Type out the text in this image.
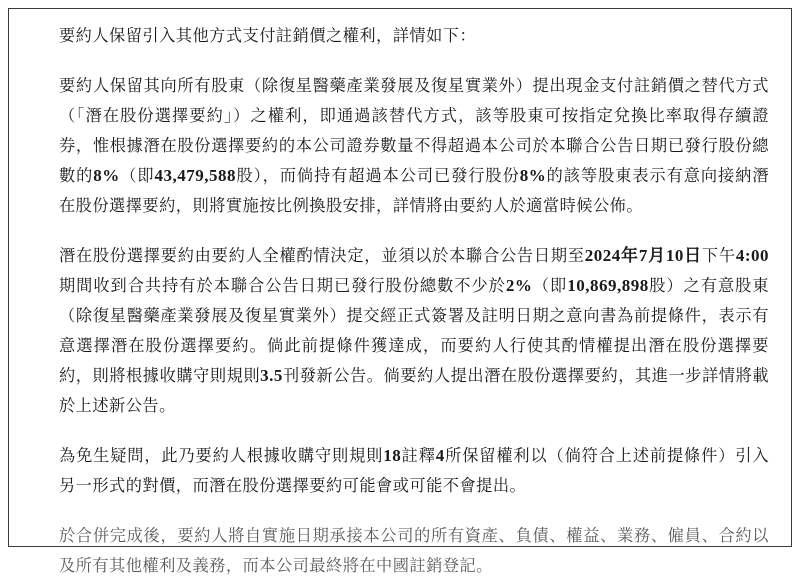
要約人保留引入其他方式支付註銷價之權利，詳情如下：

要約人保留其向所有股東（除復星醫藥產業發展及復星實業外）提出現金支付註銷價之替代方式（「潛在股份選擇要約」）之權利，即通過該替代方式，該等股東可按指定兌換比率取得存續證券，惟根據潛在股份選擇要約的本公司證券數量不得超過本公司於本聯合公告日期已發行股份總數的8%（即43,479,588股），而倘持有超過本公司已發行股份8%的該等股東表示有意向接納潛在股份選擇要約，則將實施按比例換股安排，詳情將由要約人於適當時候公佈。

潛在股份選擇要約由要約人全權酌情決定，並須以於本聯合公告日期至2024年7月10日下午4:00期間收到合共持有於本聯合公告日期已發行股份總數不少於2%（即10,869,898股）之有意股東（除復星醫藥產業發展及復星實業外）提交經正式簽署及註明日期之意向書為前提條件，表示有意選擇潛在股份選擇要約。倘此前提條件獲達成，而要約人行使其酌情權提出潛在股份選擇要約，則將根據收購守則規則3.5刊發新公告。倘要約人提出潛在股份選擇要約，其進一步詳情將載於上述新公告。

為免生疑問，此乃要約人根據收購守則規則18註釋4所保留權利以（倘符合上述前提條件）引入另一形式的對價，而潛在股份選擇要約可能會或可能不會提出。

於合併完成後，要約人將自實施日期承接本公司的所有資產、負債、權益、業務、僱員、合約以及所有其他權利及義務，而本公司最終將在中國註銷登記。
